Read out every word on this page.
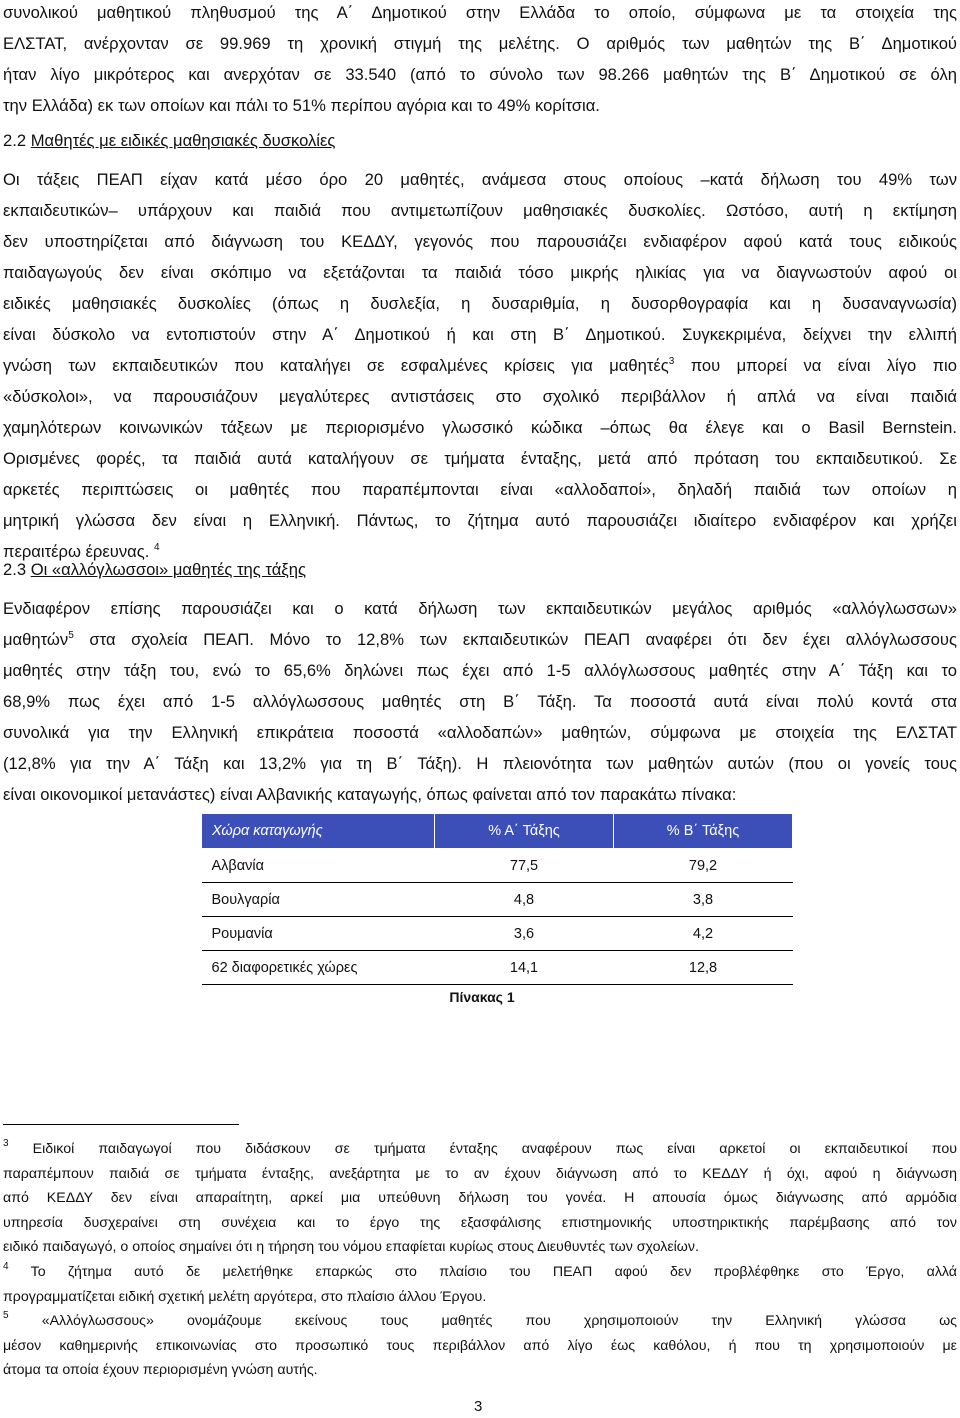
συνολικού μαθητικού πληθυσμού της Α΄ Δημοτικού στην Ελλάδα το οποίο, σύμφωνα με τα στοιχεία της
ΕΛΣΤΑΤ, ανέρχονταν σε 99.969 τη χρονική στιγμή της μελέτης. Ο αριθμός των μαθητών της Β΄ Δημοτικού
ήταν λίγο μικρότερος και ανερχόταν σε 33.540 (από το σύνολο των 98.266 μαθητών της Β΄ Δημοτικού σε όλη
την Ελλάδα) εκ των οποίων και πάλι το 51% περίπου αγόρια και το 49% κορίτσια.
2.2 Μαθητές με ειδικές μαθησιακές δυσκολίες
Οι τάξεις ΠΕΑΠ είχαν κατά μέσο όρο 20 μαθητές, ανάμεσα στους οποίους –κατά δήλωση του 49% των
εκπαιδευτικών– υπάρχουν και παιδιά που αντιμετωπίζουν μαθησιακές δυσκολίες. Ωστόσο, αυτή η εκτίμηση
δεν υποστηρίζεται από διάγνωση του ΚΕΔΔΥ, γεγονός που παρουσιάζει ενδιαφέρον αφού κατά τους ειδικούς
παιδαγωγούς δεν είναι σκόπιμο να εξετάζονται τα παιδιά τόσο μικρής ηλικίας για να διαγνωστούν αφού οι
ειδικές μαθησιακές δυσκολίες (όπως η δυσλεξία, η δυσαριθμία, η δυσορθογραφία και η δυσαναγνωσία)
είναι δύσκολο να εντοπιστούν στην Α΄ Δημοτικού ή και στη Β΄ Δημοτικού. Συγκεκριμένα, δείχνει την ελλιπή
γνώση των εκπαιδευτικών που καταλήγει σε εσφαλμένες κρίσεις για μαθητές$^3$ που μπορεί να είναι λίγο πιο
«δύσκολοι», να παρουσιάζουν μεγαλύτερες αντιστάσεις στο σχολικό περιβάλλον ή απλά να είναι παιδιά
χαμηλότερων κοινωνικών τάξεων με περιορισμένο γλωσσικό κώδικα –όπως θα έλεγε και ο Basil Bernstein.
Ορισμένες φορές, τα παιδιά αυτά καταλήγουν σε τμήματα ένταξης, μετά από πρόταση του εκπαιδευτικού. Σε
αρκετές περιπτώσεις οι μαθητές που παραπέμπονται είναι «αλλοδαποί», δηλαδή παιδιά των οποίων η
μητρική γλώσσα δεν είναι η Ελληνική. Πάντως, το ζήτημα αυτό παρουσιάζει ιδιαίτερο ενδιαφέρον και χρήζει
περαιτέρω έρευνας. $^4$
2.3 Οι «αλλόγλωσσοι» μαθητές της τάξης
Ενδιαφέρον επίσης παρουσιάζει και ο κατά δήλωση των εκπαιδευτικών μεγάλος αριθμός «αλλόγλωσσων»
μαθητών$^5$ στα σχολεία ΠΕΑΠ. Μόνο το 12,8% των εκπαιδευτικών ΠΕΑΠ αναφέρει ότι δεν έχει αλλόγλωσσους
μαθητές στην τάξη του, ενώ το 65,6% δηλώνει πως έχει από 1-5 αλλόγλωσσους μαθητές στην Α΄ Τάξη και το
68,9% πως έχει από 1-5 αλλόγλωσσους μαθητές στη Β΄ Τάξη. Τα ποσοστά αυτά είναι πολύ κοντά στα
συνολικά για την Ελληνική επικράτεια ποσοστά «αλλοδαπών» μαθητών, σύμφωνα με στοιχεία της ΕΛΣΤΑΤ
(12,8% για την Α΄ Τάξη και 13,2% για τη Β΄ Τάξη). Η πλειονότητα των μαθητών αυτών (που οι γονείς τους
είναι οικονομικοί μετανάστες) είναι Αλβανικής καταγωγής, όπως φαίνεται από τον παρακάτω πίνακα:
Χώρα καταγωγής	% Α΄ Τάξης	% Β΄ Τάξης
Αλβανία	77,5	79,2
Βουλγαρία	4,8	3,8
Ρουμανία	3,6	4,2
62 διαφορετικές χώρες	14,1	12,8
Πίνακας 1
$^3$ Ειδικοί παιδαγωγοί που διδάσκουν σε τμήματα ένταξης αναφέρουν πως είναι αρκετοί οι εκπαιδευτικοί που
παραπέμπουν παιδιά σε τμήματα ένταξης, ανεξάρτητα με το αν έχουν διάγνωση από το ΚΕΔΔΥ ή όχι, αφού η διάγνωση
από ΚΕΔΔΥ δεν είναι απαραίτητη, αρκεί μια υπεύθυνη δήλωση του γονέα. Η απουσία όμως διάγνωσης από αρμόδια
υπηρεσία δυσχεραίνει στη συνέχεια και το έργο της εξασφάλισης επιστημονικής υποστηρικτικής παρέμβασης από τον
ειδικό παιδαγωγό, ο οποίος σημαίνει ότι η τήρηση του νόμου επαφίεται κυρίως στους Διευθυντές των σχολείων.
$^4$ Το ζήτημα αυτό δε μελετήθηκε επαρκώς στο πλαίσιο του ΠΕΑΠ αφού δεν προβλέφθηκε στο Έργο, αλλά
προγραμματίζεται ειδική σχετική μελέτη αργότερα, στο πλαίσιο άλλου Έργου.
$^5$ «Αλλόγλωσσους» ονομάζουμε εκείνους τους μαθητές που χρησιμοποιούν την Ελληνική γλώσσα ως
μέσον καθημερινής επικοινωνίας στο προσωπικό τους περιβάλλον από λίγο έως καθόλου, ή που τη χρησιμοποιούν με
άτομα τα οποία έχουν περιορισμένη γνώση αυτής.
3
